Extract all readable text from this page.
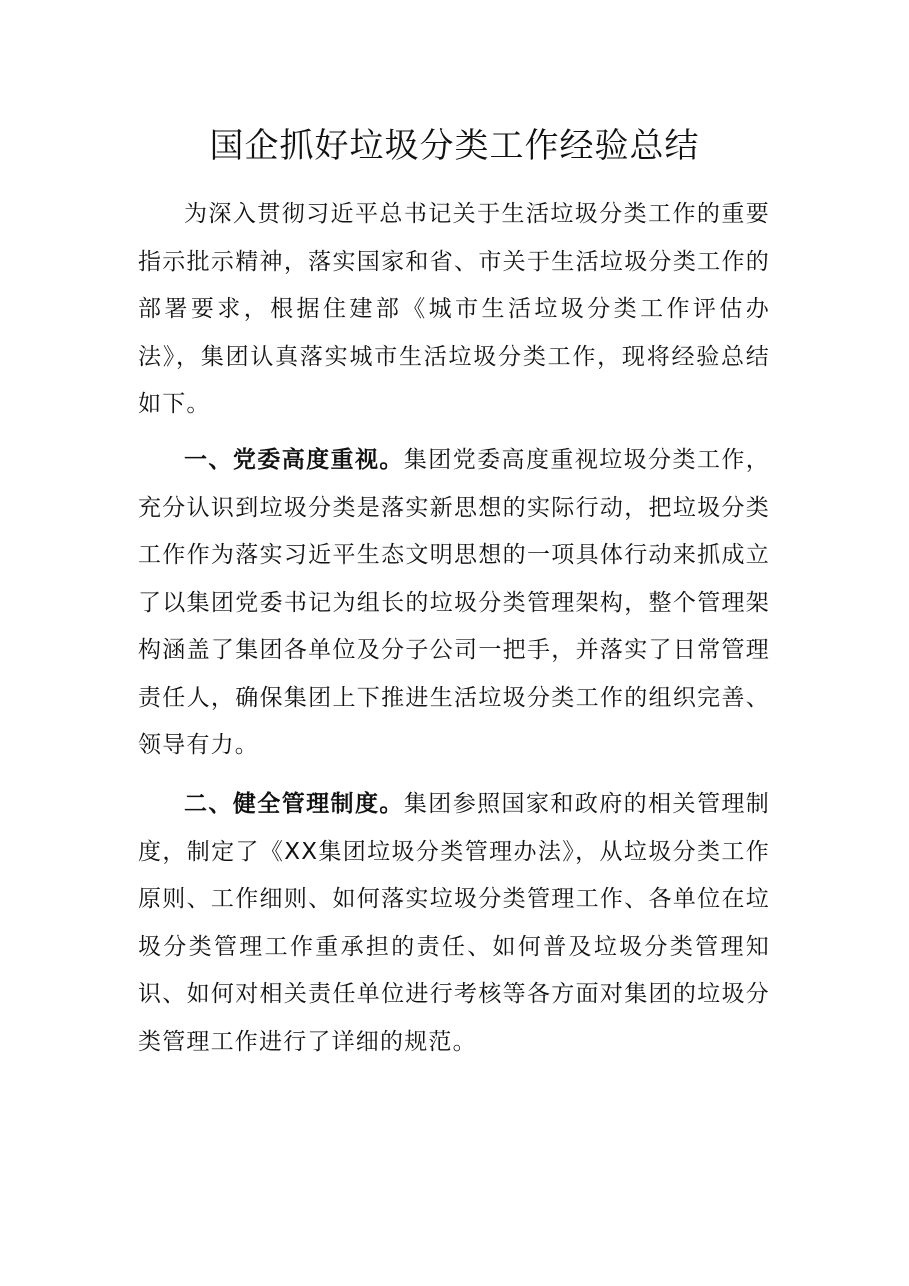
国企抓好垃圾分类工作经验总结

为深入贯彻习近平总书记关于生活垃圾分类工作的重要指示批示精神，落实国家和省、市关于生活垃圾分类工作的部署要求，根据住建部《城市生活垃圾分类工作评估办法》，集团认真落实城市生活垃圾分类工作，现将经验总结如下。

一、党委高度重视。集团党委高度重视垃圾分类工作，充分认识到垃圾分类是落实新思想的实际行动，把垃圾分类工作作为落实习近平生态文明思想的一项具体行动来抓成立了以集团党委书记为组长的垃圾分类管理架构，整个管理架构涵盖了集团各单位及分子公司一把手，并落实了日常管理责任人，确保集团上下推进生活垃圾分类工作的组织完善、领导有力。

二、健全管理制度。集团参照国家和政府的相关管理制度，制定了《XX集团垃圾分类管理办法》，从垃圾分类工作原则、工作细则、如何落实垃圾分类管理工作、各单位在垃圾分类管理工作重承担的责任、如何普及垃圾分类管理知识、如何对相关责任单位进行考核等各方面对集团的垃圾分类管理工作进行了详细的规范。
